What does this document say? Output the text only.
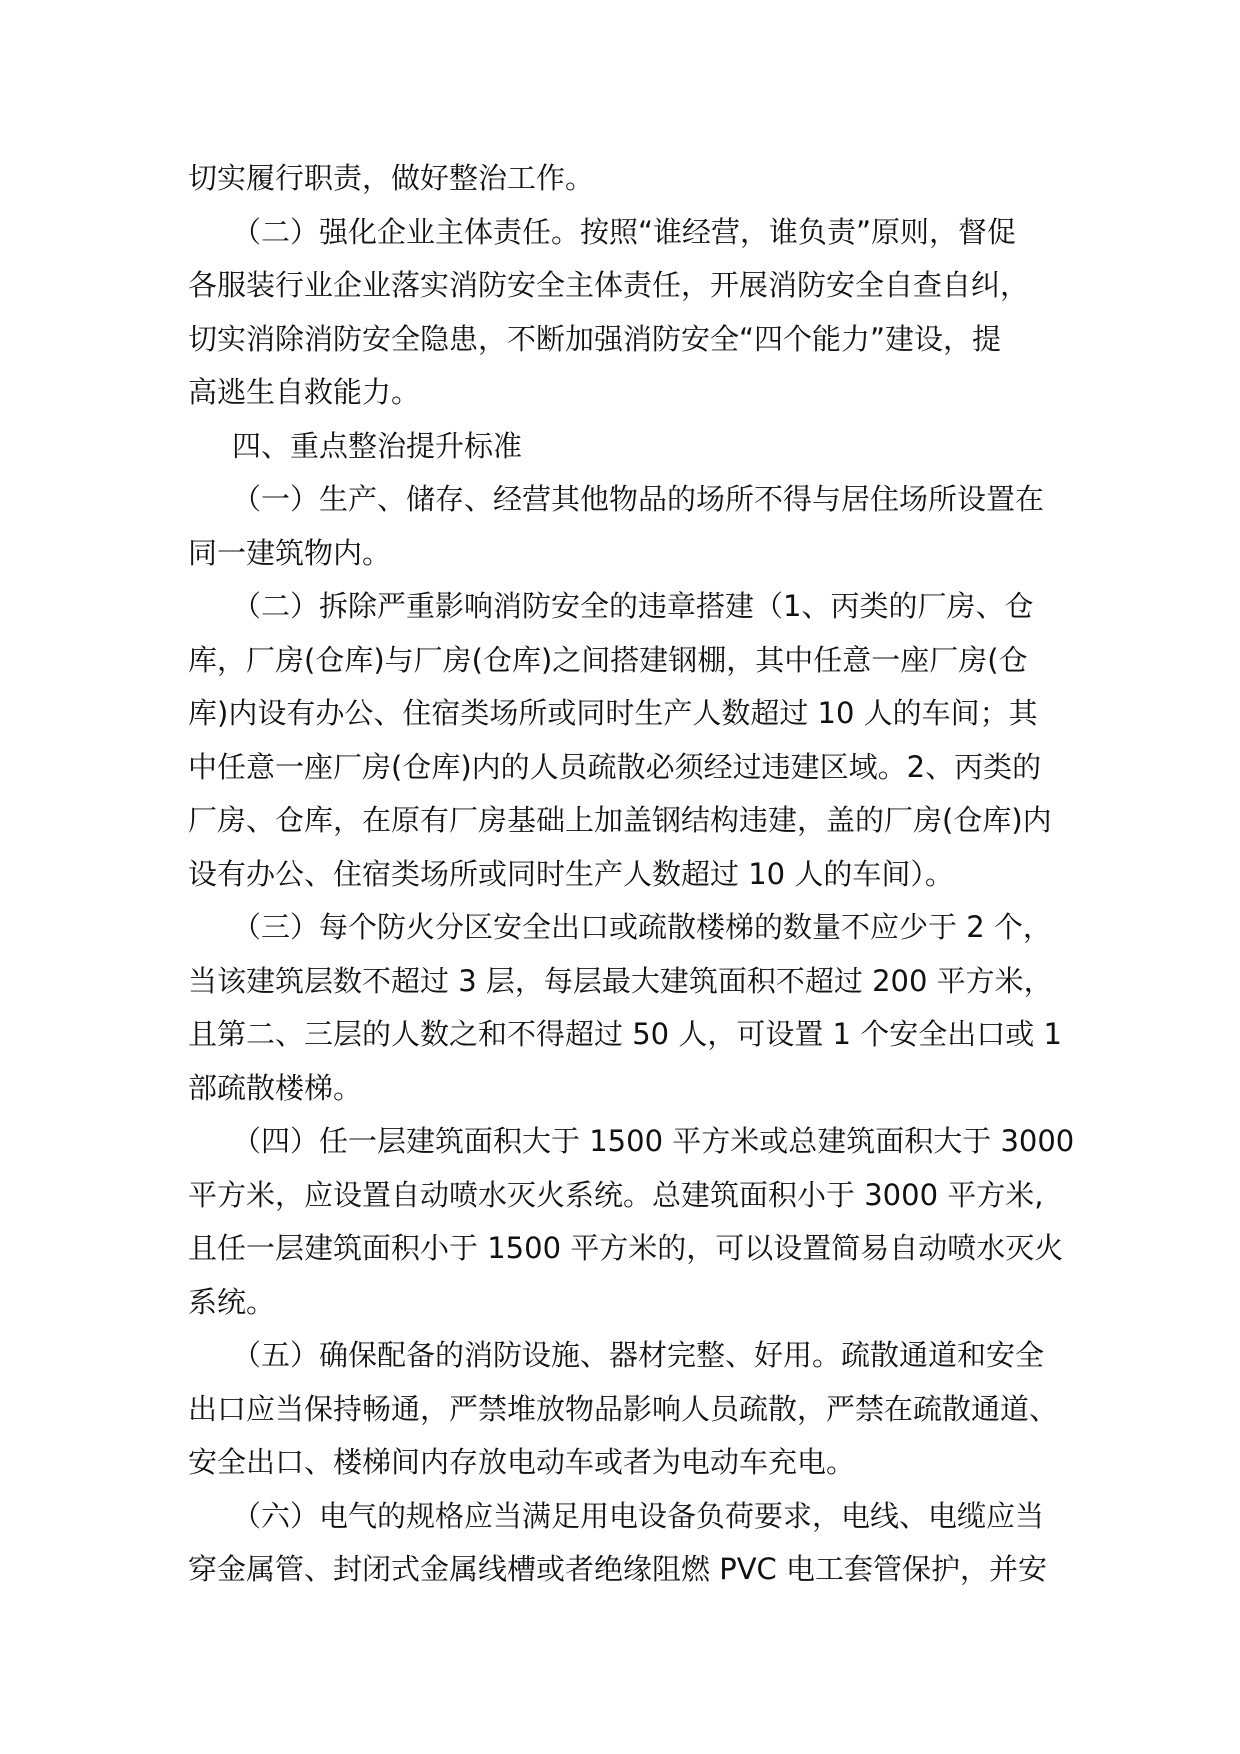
切实履行职责，做好整治工作。
（二）强化企业主体责任。按照“谁经营，谁负责”原则，督促
各服装行业企业落实消防安全主体责任，开展消防安全自查自纠，
切实消除消防安全隐患，不断加强消防安全“四个能力”建设，提
高逃生自救能力。
四、重点整治提升标准
（一）生产、储存、经营其他物品的场所不得与居住场所设置在
同一建筑物内。
（二）拆除严重影响消防安全的违章搭建（1、丙类的厂房、仓
库，厂房(仓库)与厂房(仓库)之间搭建钢棚，其中任意一座厂房(仓
库)内设有办公、住宿类场所或同时生产人数超过 10 人的车间；其
中任意一座厂房(仓库)内的人员疏散必须经过违建区域。2、丙类的
厂房、仓库，在原有厂房基础上加盖钢结构违建，盖的厂房(仓库)内
设有办公、住宿类场所或同时生产人数超过 10 人的车间）。
（三）每个防火分区安全出口或疏散楼梯的数量不应少于 2 个，
当该建筑层数不超过 3 层，每层最大建筑面积不超过 200 平方米，
且第二、三层的人数之和不得超过 50 人，可设置 1 个安全出口或 1
部疏散楼梯。
（四）任一层建筑面积大于 1500 平方米或总建筑面积大于 3000
平方米，应设置自动喷水灭火系统。总建筑面积小于 3000 平方米,
且任一层建筑面积小于 1500 平方米的，可以设置简易自动喷水灭火
系统。
（五）确保配备的消防设施、器材完整、好用。疏散通道和安全
出口应当保持畅通，严禁堆放物品影响人员疏散，严禁在疏散通道、
安全出口、楼梯间内存放电动车或者为电动车充电。
（六）电气的规格应当满足用电设备负荷要求，电线、电缆应当
穿金属管、封闭式金属线槽或者绝缘阻燃 PVC 电工套管保护，并安
